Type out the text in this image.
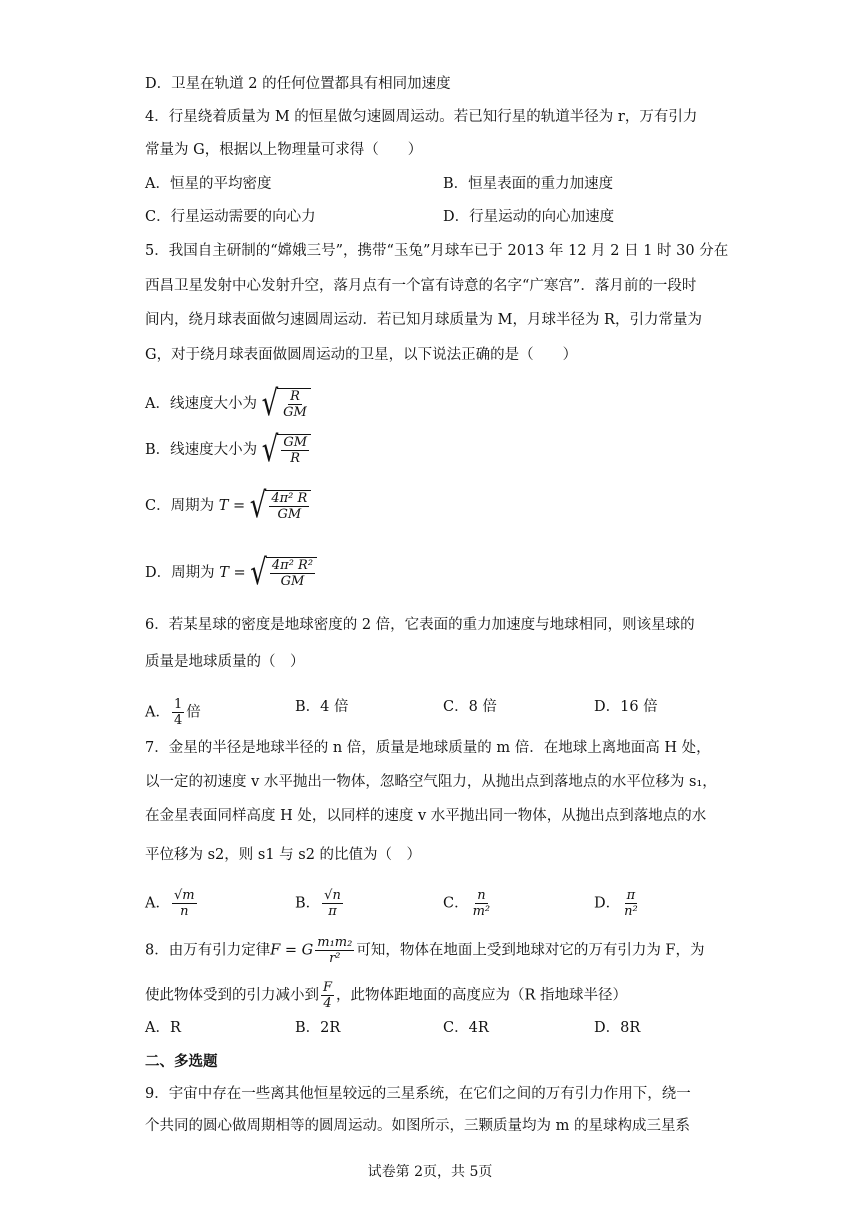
D．卫星在轨道 2 的任何位置都具有相同加速度
4．行星绕着质量为 M 的恒星做匀速圆周运动。若已知行星的轨道半径为 r，万有引力
常量为 G，根据以上物理量可求得（　　）
A．恒星的平均密度	B．恒星表面的重力加速度
C．行星运动需要的向心力	D．行星运动的向心加速度
5．我国自主研制的“嫦娥三号”，携带“玉兔”月球车已于 2013 年 12 月 2 日 1 时 30 分在
西昌卫星发射中心发射升空，落月点有一个富有诗意的名字“广寒宫”．落月前的一段时
间内，绕月球表面做匀速圆周运动．若已知月球质量为 M，月球半径为 R，引力常量为
G，对于绕月球表面做圆周运动的卫星，以下说法正确的是（　　）
A．线速度大小为 √ $\frac{R}{GM}$
B．线速度大小为 √ $\frac{GM}{R}$
C．周期为 T = √ $\frac{\text{4π² R}}{GM}$
D．周期为 T = √ $\frac{\text{4π² R²}}{GM}$
6．若某星球的密度是地球密度的 2 倍，它表面的重力加速度与地球相同，则该星球的
质量是地球质量的（　）
A． $\frac{1}{4}$ 倍	B．4 倍	C．8 倍	D．16 倍
7．金星的半径是地球半径的 n 倍，质量是地球质量的 m 倍．在地球上离地面高 H 处，
以一定的初速度 v 水平抛出一物体，忽略空气阻力，从抛出点到落地点的水平位移为 s₁，
在金星表面同样高度 H 处，以同样的速度 v 水平抛出同一物体，从抛出点到落地点的水
平位移为 s2，则 s1 与 s2 的比值为（　）
A． $\frac{√m}{n}$	B． $\frac{√n}{\pi}$	C． $\frac{n}{\text{m²}}$	D． $\frac{\pi}{\text{n²}}$
8．由万有引力定律F = G $\frac{\text{m₁m₂}}{\text{r²}}$ 可知，物体在地面上受到地球对它的万有引力为 F，为
使此物体受到的引力减小到 $\frac{F}{4}$ ，此物体距地面的高度应为（R 指地球半径）
A．R	B．2R	C．4R	D．8R
二、多选题
9．宇宙中存在一些离其他恒星较远的三星系统，在它们之间的万有引力作用下，绕一
个共同的圆心做周期相等的圆周运动。如图所示，三颗质量均为 m 的星球构成三星系
试卷第 2页，共 5页
